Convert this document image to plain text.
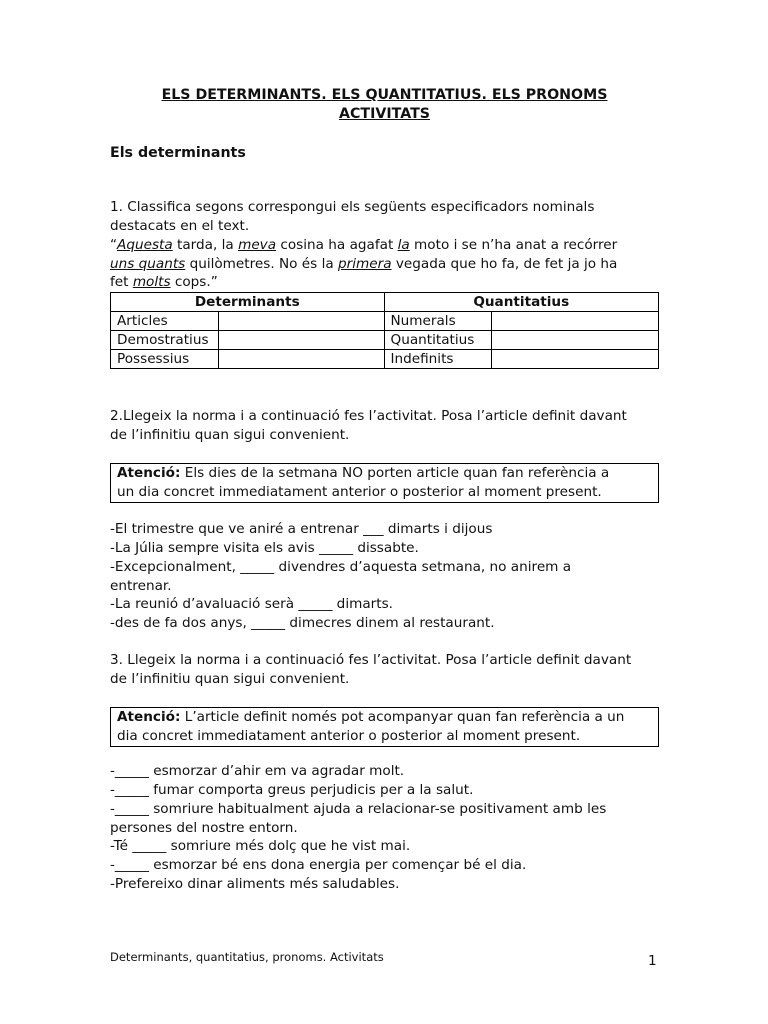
ELS DETERMINANTS. ELS QUANTITATIUS. ELS PRONOMS
ACTIVITATS
Els determinants
1. Classifica segons correspongui els següents especificadors nominals
destacats en el text.
“Aquesta tarda, la meva cosina ha agafat la moto i se n’ha anat a recórrer
uns quants quilòmetres. No és la primera vegada que ho fa, de fet ja jo ha
fet molts cops.”
Determinants		Quantitatius	
Articles		Numerals	
Demostratius		Quantitatius	
Possessius		Indefinits	
2.Llegeix la norma i a continuació fes l’activitat. Posa l’article definit davant
de l’infinitiu quan sigui convenient.
Atenció: Els dies de la setmana NO porten article quan fan referència a
un dia concret immediatament anterior o posterior al moment present.
-El trimestre que ve aniré a entrenar ___ dimarts i dijous
-La Júlia sempre visita els avis _____ dissabte.
-Excepcionalment, _____ divendres d’aquesta setmana, no anirem a
entrenar.
-La reunió d’avaluació serà _____ dimarts.
-des de fa dos anys, _____ dimecres dinem al restaurant.
3. Llegeix la norma i a continuació fes l’activitat. Posa l’article definit davant
de l’infinitiu quan sigui convenient.
Atenció: L’article definit només pot acompanyar quan fan referència a un
dia concret immediatament anterior o posterior al moment present.
-_____ esmorzar d’ahir em va agradar molt.
-_____ fumar comporta greus perjudicis per a la salut.
-_____ somriure habitualment ajuda a relacionar-se positivament amb les
persones del nostre entorn.
-Té _____ somriure més dolç que he vist mai.
-_____ esmorzar bé ens dona energia per començar bé el dia.
-Prefereixo dinar aliments més saludables.
Determinants, quantitatius, pronoms. Activitats	1
